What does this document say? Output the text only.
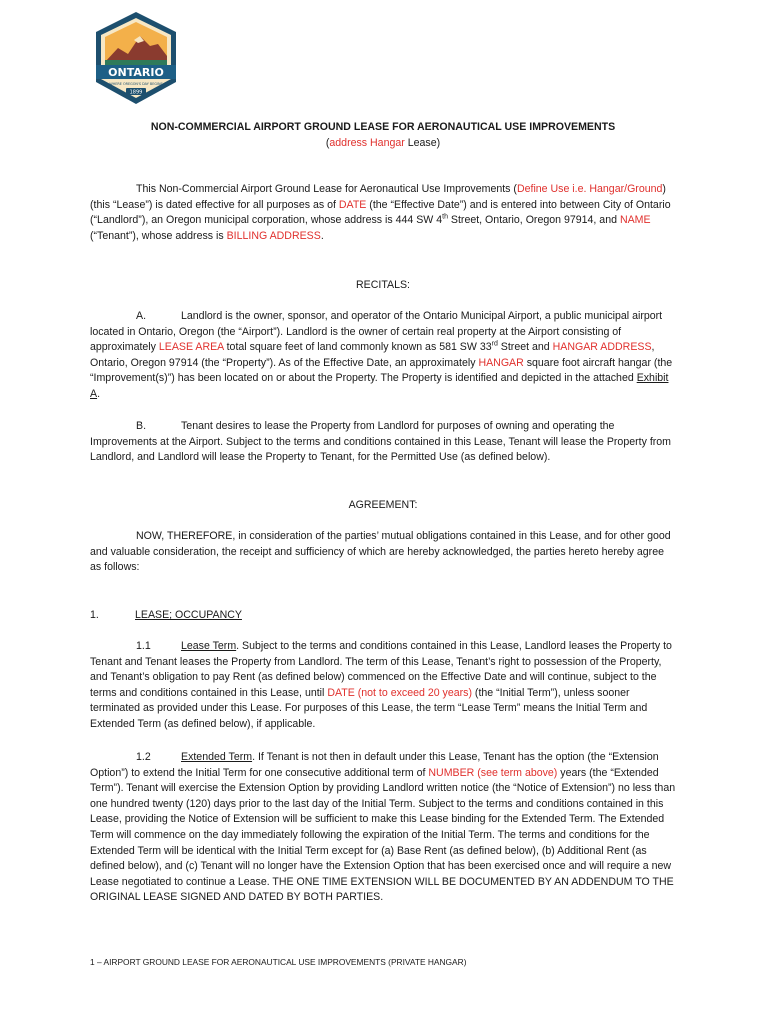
ONTARIO
WHERE OREGON'S DAY BEGINS
1899
NON-COMMERCIAL AIRPORT GROUND LEASE FOR AERONAUTICAL USE IMPROVEMENTS
(address Hangar Lease)
This Non-Commercial Airport Ground Lease for Aeronautical Use Improvements (Define Use i.e. Hangar/Ground) (this “Lease”) is dated effective for all purposes as of DATE (the “Effective Date”) and is entered into between City of Ontario (“Landlord”), an Oregon municipal corporation, whose address is 444 SW 4th Street, Ontario, Oregon 97914, and NAME (“Tenant”), whose address is BILLING ADDRESS.
RECITALS:
A.	Landlord is the owner, sponsor, and operator of the Ontario Municipal Airport, a public municipal airport located in Ontario, Oregon (the “Airport”). Landlord is the owner of certain real property at the Airport consisting of approximately LEASE AREA total square feet of land commonly known as 581 SW 33rd Street and HANGAR ADDRESS, Ontario, Oregon 97914 (the “Property”). As of the Effective Date, an approximately HANGAR square foot aircraft hangar (the “Improvement(s)”) has been located on or about the Property. The Property is identified and depicted in the attached Exhibit A.
B.	Tenant desires to lease the Property from Landlord for purposes of owning and operating the Improvements at the Airport. Subject to the terms and conditions contained in this Lease, Tenant will lease the Property from Landlord, and Landlord will lease the Property to Tenant, for the Permitted Use (as defined below).
AGREEMENT:
NOW, THEREFORE, in consideration of the parties’ mutual obligations contained in this Lease, and for other good and valuable consideration, the receipt and sufficiency of which are hereby acknowledged, the parties hereto hereby agree as follows:
1.	LEASE; OCCUPANCY
1.1	Lease Term. Subject to the terms and conditions contained in this Lease, Landlord leases the Property to Tenant and Tenant leases the Property from Landlord. The term of this Lease, Tenant’s right to possession of the Property, and Tenant’s obligation to pay Rent (as defined below) commenced on the Effective Date and will continue, subject to the terms and conditions contained in this Lease, until DATE (not to exceed 20 years) (the “Initial Term”), unless sooner terminated as provided under this Lease. For purposes of this Lease, the term “Lease Term” means the Initial Term and Extended Term (as defined below), if applicable.
1.2	Extended Term. If Tenant is not then in default under this Lease, Tenant has the option (the “Extension Option”) to extend the Initial Term for one consecutive additional term of NUMBER (see term above) years (the “Extended Term”). Tenant will exercise the Extension Option by providing Landlord written notice (the “Notice of Extension”) no less than one hundred twenty (120) days prior to the last day of the Initial Term. Subject to the terms and conditions contained in this Lease, providing the Notice of Extension will be sufficient to make this Lease binding for the Extended Term. The Extended Term will commence on the day immediately following the expiration of the Initial Term. The terms and conditions for the Extended Term will be identical with the Initial Term except for (a) Base Rent (as defined below), (b) Additional Rent (as defined below), and (c) Tenant will no longer have the Extension Option that has been exercised once and will require a new Lease negotiated to continue a Lease. THE ONE TIME EXTENSION WILL BE DOCUMENTED BY AN ADDENDUM TO THE ORIGINAL LEASE SIGNED AND DATED BY BOTH PARTIES.
1 – AIRPORT GROUND LEASE FOR AERONAUTICAL USE IMPROVEMENTS (PRIVATE HANGAR)
